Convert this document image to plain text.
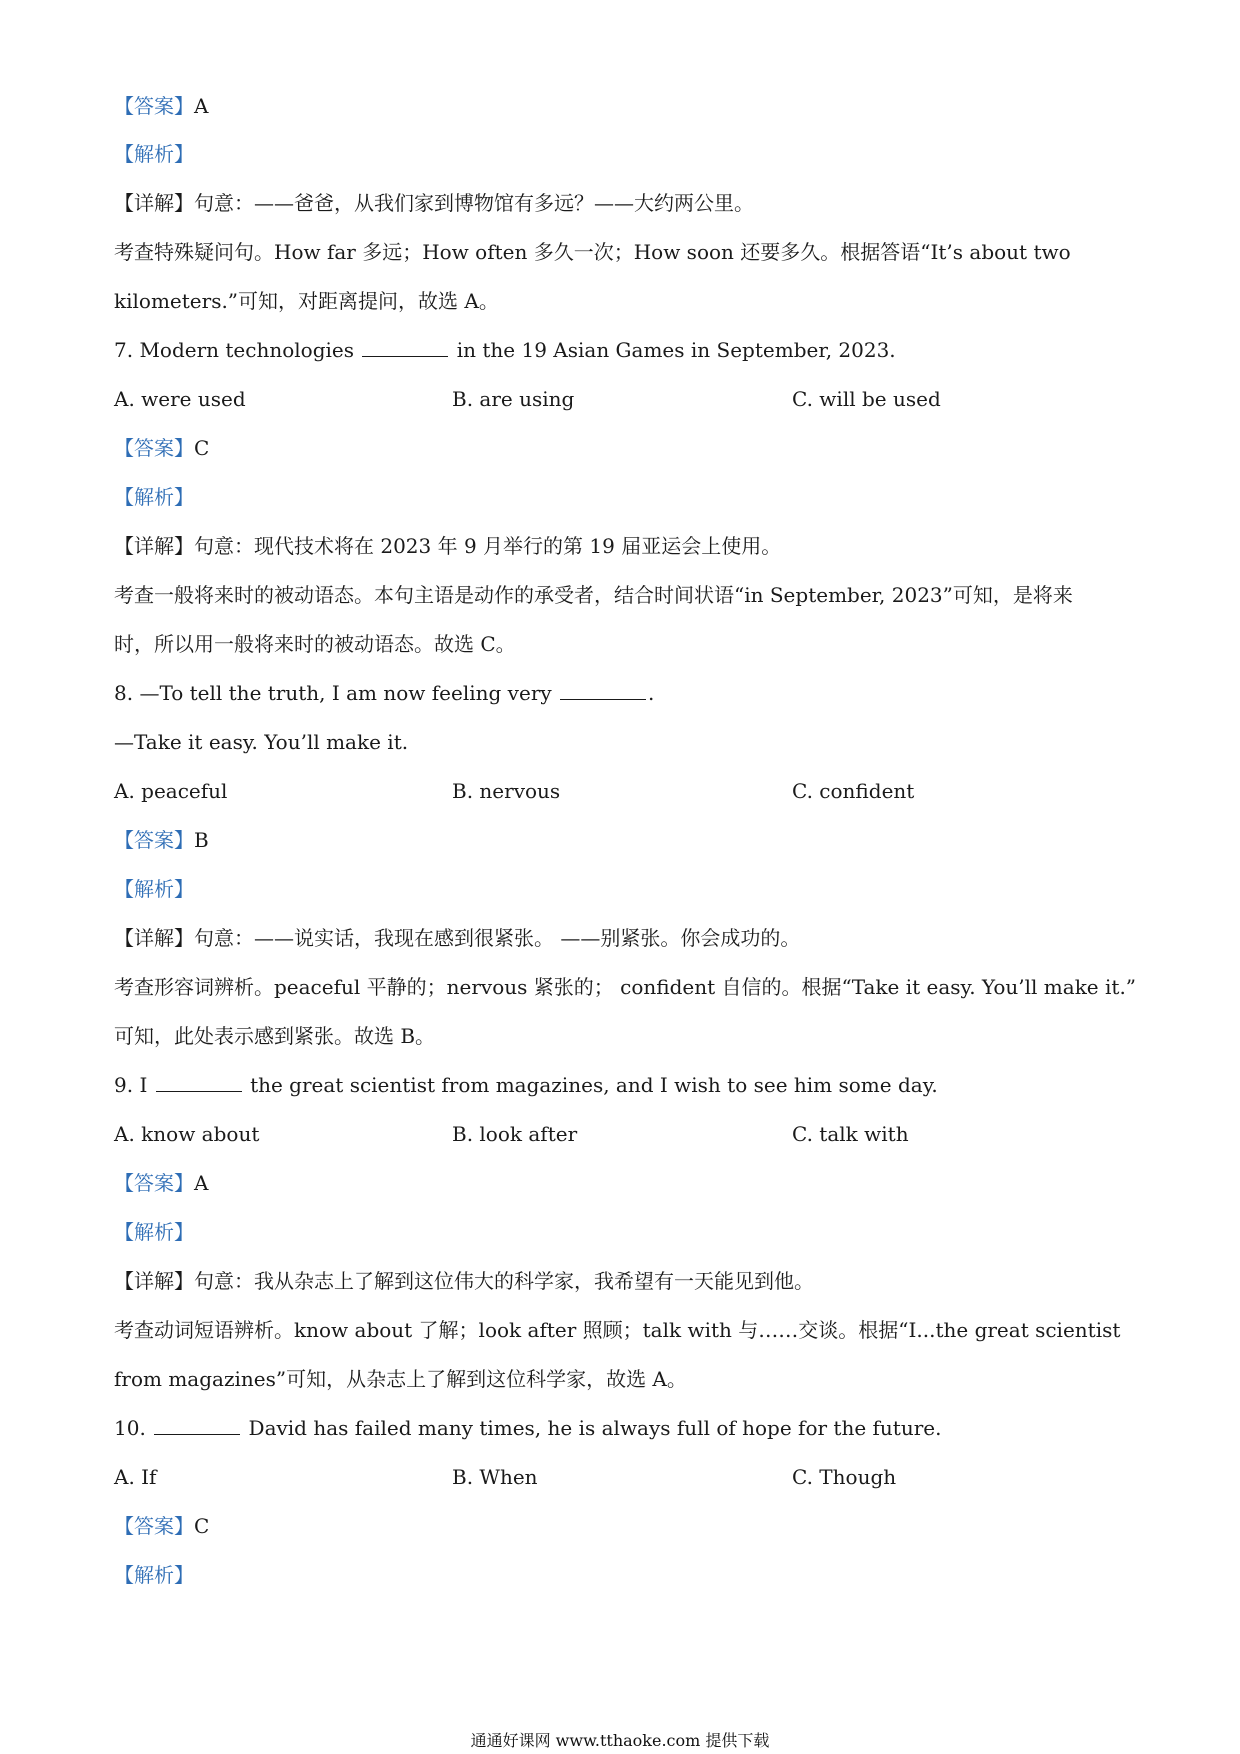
【答案】A
【解析】
【详解】句意：——爸爸，从我们家到博物馆有多远？——大约两公里。
考查特殊疑问句。How far 多远；How often 多久一次；How soon 还要多久。根据答语“It’s about two
kilometers.”可知，对距离提问，故选 A。
7. Modern technologies	in the 19 Asian Games in September, 2023.
A. were used	B. are using	C. will be used
【答案】C
【解析】
【详解】句意：现代技术将在 2023 年 9 月举行的第 19 届亚运会上使用。
考查一般将来时的被动语态。本句主语是动作的承受者，结合时间状语“in September, 2023”可知，是将来
时，所以用一般将来时的被动语态。故选 C。
8. —To tell the truth, I am now feeling very	.
—Take it easy. You’ll make it.
A. peaceful	B. nervous	C. confident
【答案】B
【解析】
【详解】句意：——说实话，我现在感到很紧张。 ——别紧张。你会成功的。
考查形容词辨析。peaceful 平静的；nervous 紧张的； confident 自信的。根据“Take it easy. You’ll make it.”
可知，此处表示感到紧张。故选 B。
9. I	the great scientist from magazines, and I wish to see him some day.
A. know about	B. look after	C. talk with
【答案】A
【解析】
【详解】句意：我从杂志上了解到这位伟大的科学家，我希望有一天能见到他。
考查动词短语辨析。know about 了解；look after 照顾；talk with 与……交谈。根据“I...the great scientist
from magazines”可知，从杂志上了解到这位科学家，故选 A。
10.	David has failed many times, he is always full of hope for the future.
A. If	B. When	C. Though
【答案】C
【解析】
通通好课网 www.tthaoke.com 提供下载
